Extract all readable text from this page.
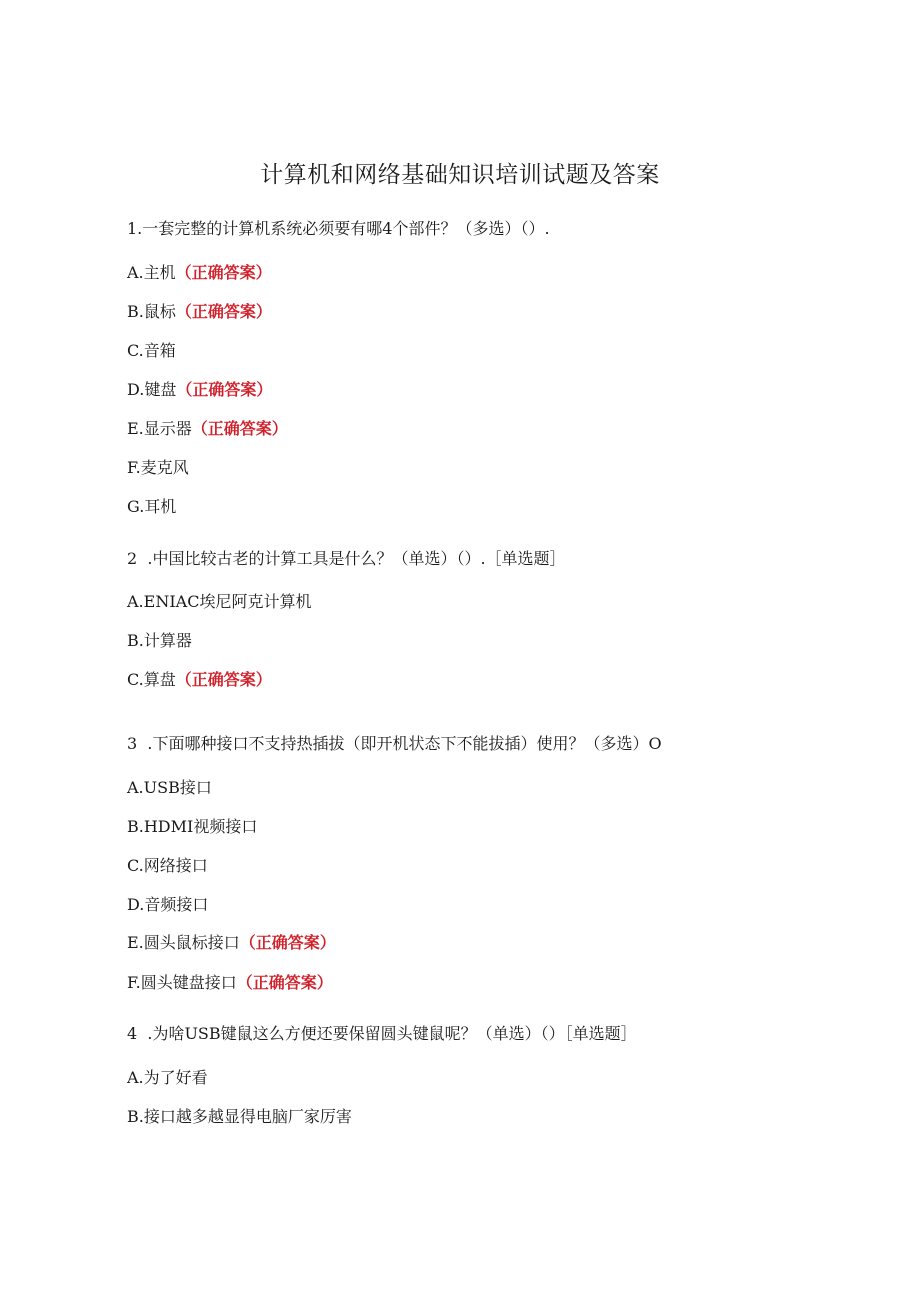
计算机和网络基础知识培训试题及答案
1.一套完整的计算机系统必须要有哪4个部件？（多选）（）.
A.主机（正确答案）
B.鼠标（正确答案）
C.音箱
D.键盘（正确答案）
E.显示器（正确答案）
F.麦克风
G.耳机
2  .中国比较古老的计算工具是什么？（单选）（）.［单选题］
A.ENIAC埃尼阿克计算机
B.计算器
C.算盘（正确答案）
3  .下面哪种接口不支持热插拔（即开机状态下不能拔插）使用？（多选）O
A.USB接口
B.HDMI视频接口
C.网络接口
D.音频接口
E.圆头鼠标接口（正确答案）
F.圆头键盘接口（正确答案）
4  .为啥USB键鼠这么方便还要保留圆头键鼠呢？（单选）（）［单选题］
A.为了好看
B.接口越多越显得电脑厂家厉害
